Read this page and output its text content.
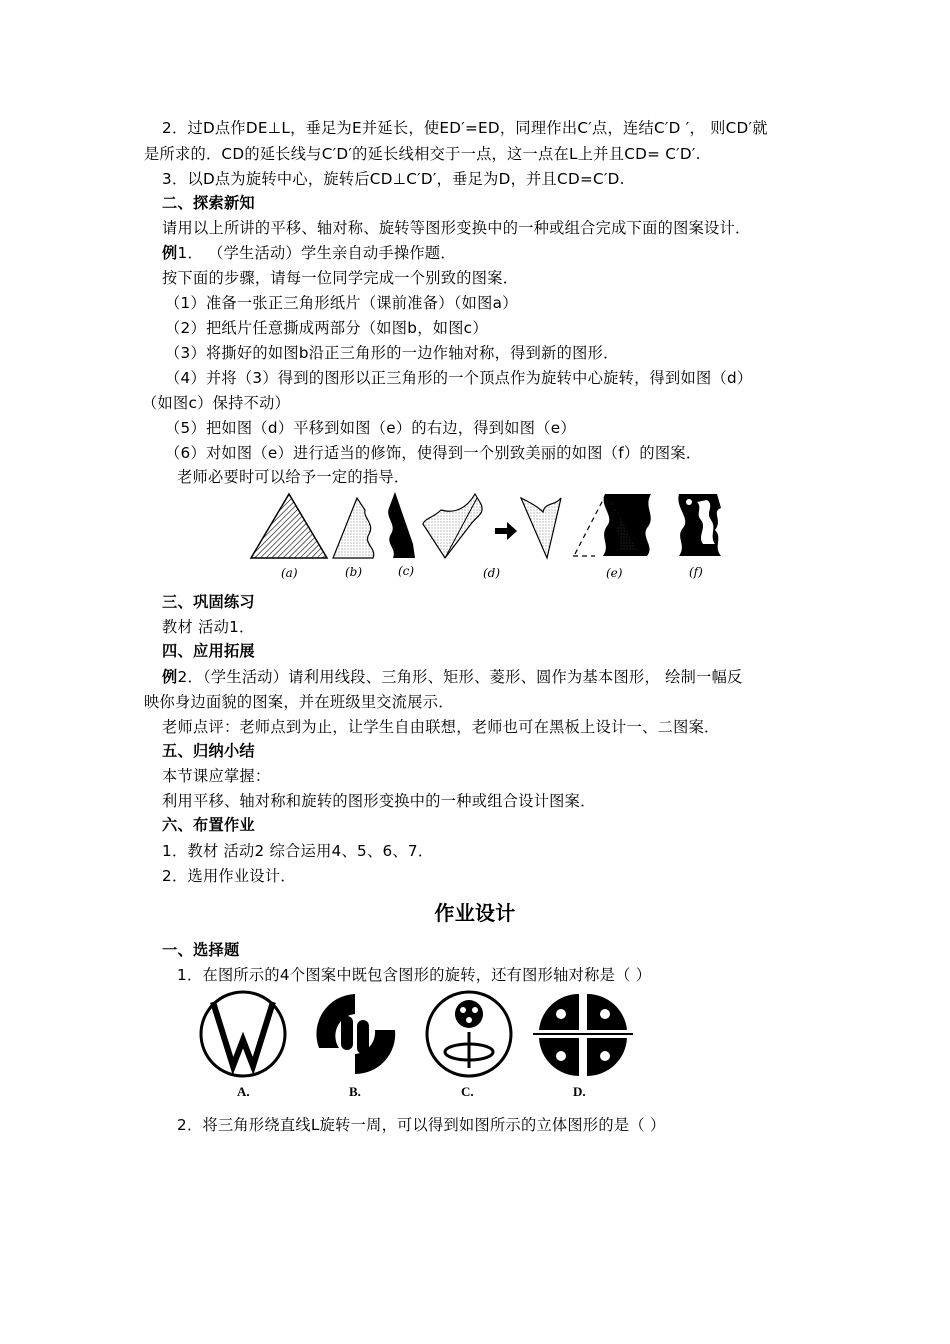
2．过D点作DE⊥L，垂足为E并延长，使ED′=ED，同理作出C′点，连结C′D ′， 则CD′就
是所求的．CD的延长线与C′D′的延长线相交于一点，这一点在L上并且CD= C′D′.
3．以D点为旋转中心，旋转后CD⊥C′D′，垂足为D，并且CD=C′D.
二、探索新知
请用以上所讲的平移、轴对称、旋转等图形变换中的一种或组合完成下面的图案设计．
例1． （学生活动）学生亲自动手操作题．
按下面的步骤，请每一位同学完成一个别致的图案．
（1）准备一张正三角形纸片（课前准备）（如图a）
（2）把纸片任意撕成两部分（如图b，如图c）
（3）将撕好的如图b沿正三角形的一边作轴对称，得到新的图形．
（4）并将（3）得到的图形以正三角形的一个顶点作为旋转中心旋转，得到如图（d）
（如图c）保持不动）
（5）把如图（d）平移到如图（e）的右边，得到如图（e）
（6）对如图（e）进行适当的修饰，使得到一个别致美丽的如图（f）的图案．
老师必要时可以给予一定的指导．
(a)	(b)	(c)	(d)	(e)	(f)
三、巩固练习
教材 活动1．
四、应用拓展
例2．（学生活动）请利用线段、三角形、矩形、菱形、圆作为基本图形， 绘制一幅反
映你身边面貌的图案，并在班级里交流展示．
老师点评：老师点到为止，让学生自由联想，老师也可在黑板上设计一、二图案．
五、归纳小结
本节课应掌握：
利用平移、轴对称和旋转的图形变换中的一种或组合设计图案．
六、布置作业
1．教材 活动2 综合运用4、5、6、7．
2．选用作业设计．
作业设计
一、选择题
1．在图所示的4个图案中既包含图形的旋转，还有图形轴对称是（ ）
A.	B.	C.	D.
2．将三角形绕直线L旋转一周，可以得到如图所示的立体图形的是（ ）
